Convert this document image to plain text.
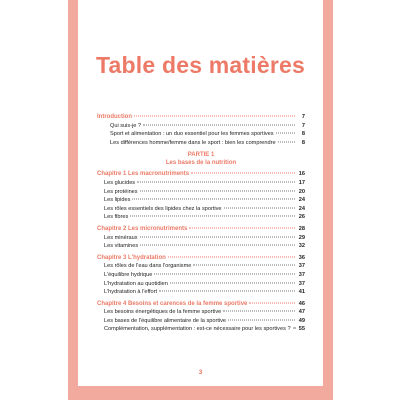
Table des matières
Introduction	7
Qui suis-je ?	7
Sport et alimentation : un duo essentiel pour les femmes sportives	8
Les différences homme/femme dans le sport : bien les comprendre	8
PARTIE 1
Les bases de la nutrition
Chapitre 1 Les macronutriments	16
Les glucides	17
Les protéines	20
Les lipides	24
Les rôles essentiels des lipides chez la sportive	24
Les fibres	26
Chapitre 2 Les micronutriments	28
Les minéraux	29
Les vitamines	32
Chapitre 3 L'hydratation	36
Les rôles de l'eau dans l'organisme	37
L'équilibre hydrique	37
L'hydratation au quotidien	37
L'hydratation à l'effort	41
Chapitre 4 Besoins et carences de la femme sportive	46
Les besoins énergétiques de la femme sportive	47
Les bases de l'équilibre alimentaire de la sportive	49
Complémentation, supplémentation : est-ce nécessaire pour les sportives ?	55
3
